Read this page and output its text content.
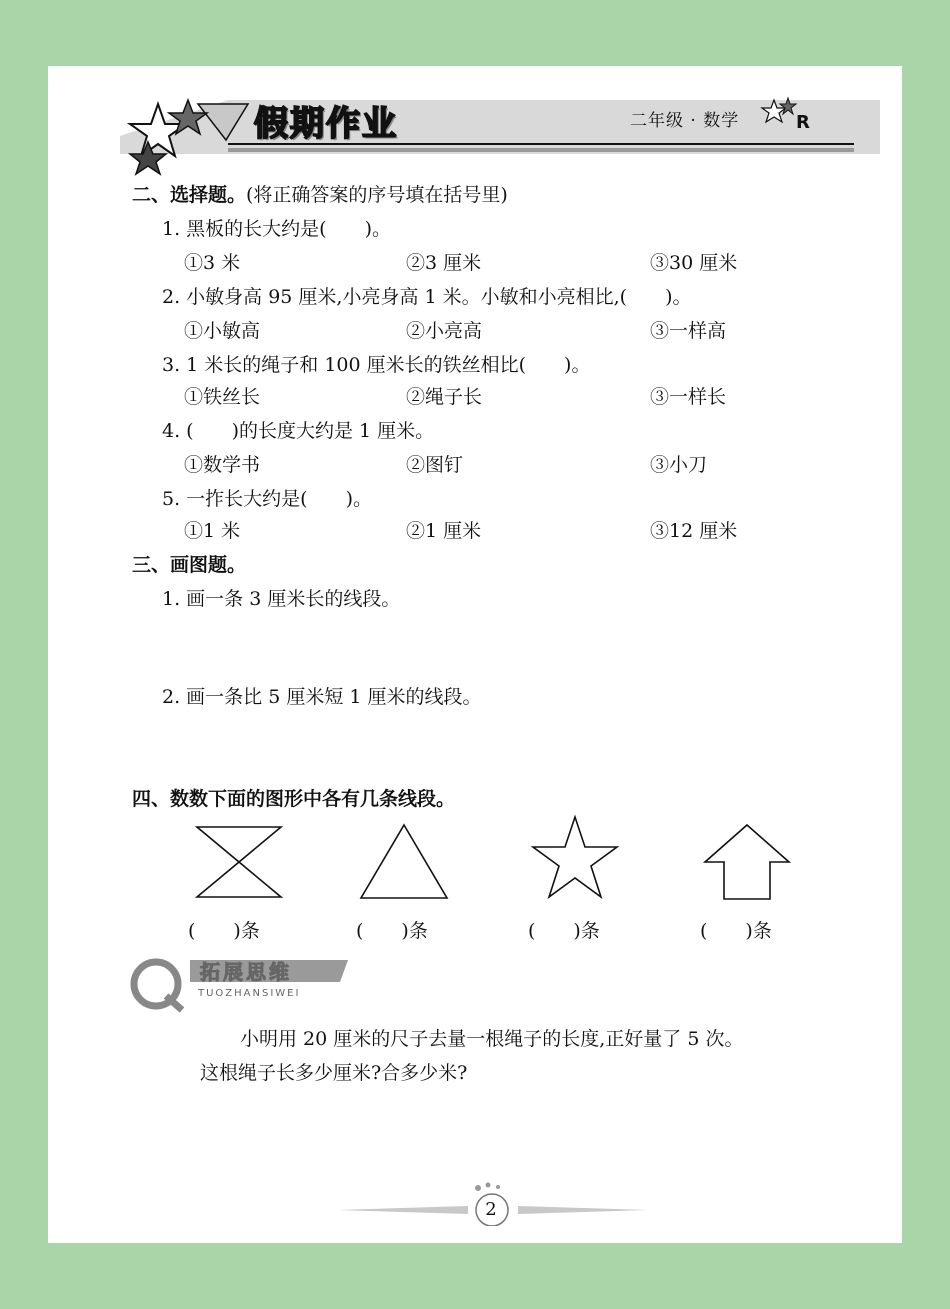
假期作业	二年级 · 数学	R
二、选择题。(将正确答案的序号填在括号里)
1. 黑板的长大约是(　　)。
①3 米	②3 厘米	③30 厘米
2. 小敏身高 95 厘米,小亮身高 1 米。小敏和小亮相比,(　　)。
①小敏高	②小亮高	③一样高
3. 1 米长的绳子和 100 厘米长的铁丝相比(　　)。
①铁丝长	②绳子长	③一样长
4. (　　)的长度大约是 1 厘米。
①数学书	②图钉	③小刀
5. 一拃长大约是(　　)。
①1 米	②1 厘米	③12 厘米
三、画图题。
1. 画一条 3 厘米长的线段。
2. 画一条比 5 厘米短 1 厘米的线段。
四、数数下面的图形中各有几条线段。
(　　)条	(　　)条	(　　)条	(　　)条
拓展思维
TUOZHANSIWEI
小明用 20 厘米的尺子去量一根绳子的长度,正好量了 5 次。
这根绳子长多少厘米?合多少米?
2
